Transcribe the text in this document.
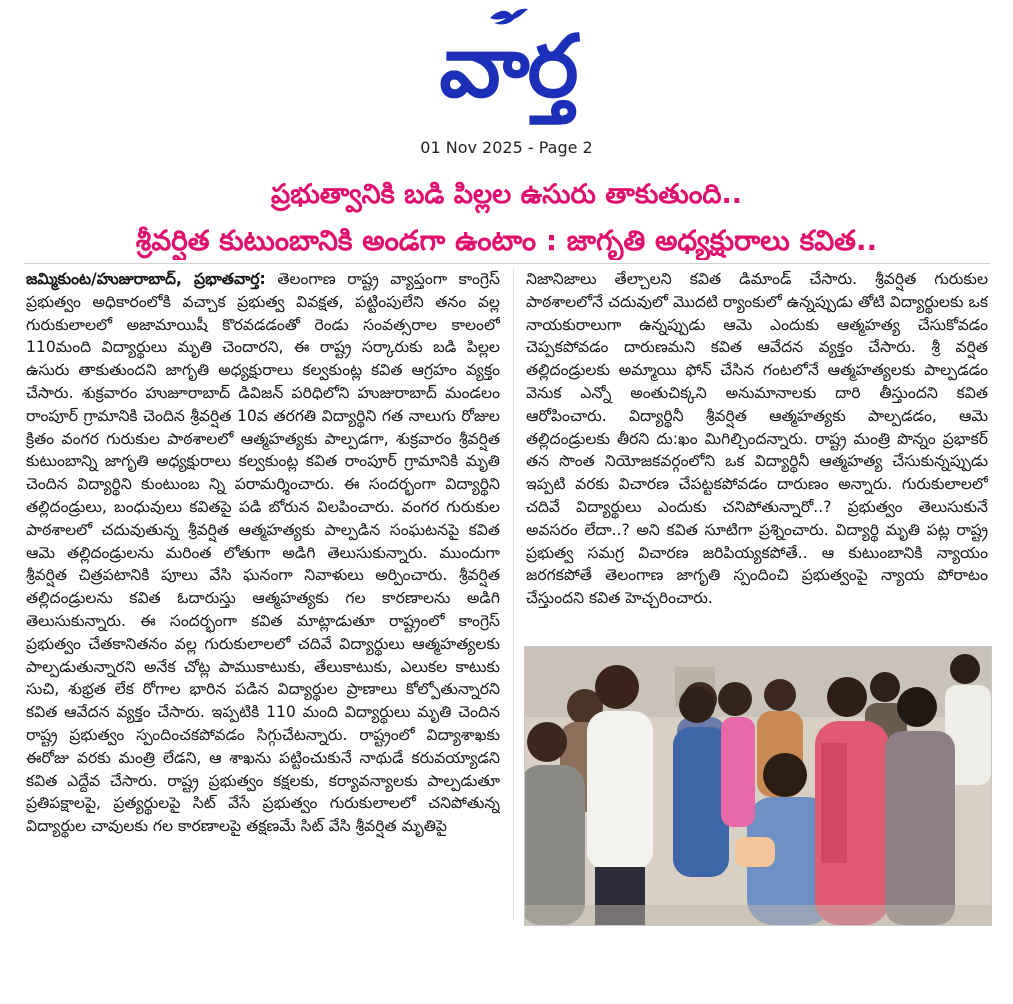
వార్త
01 Nov 2025 - Page 2
ప్రభుత్వానికి బడి పిల్లల ఉసురు తాకుతుంది..
శ్రీవర్షిత కుటుంబానికి అండగా ఉంటాం : జాగృతి అధ్యక్షురాలు కవిత..

జమ్మికుంట/హుజురాబాద్, ప్రభాతవార్త: తెలంగాణ రాష్ట్ర వ్యాప్తంగా కాంగ్రెస్ ప్రభుత్వం అధికారంలోకి వచ్చాక ప్రభుత్వ వివక్షత, పట్టింపులేని తనం వల్ల గురుకులాలలో అజామాయిషీ కొరవడడంతో రెండు సంవత్సరాల కాలంలో 110మంది విద్యార్థులు మృతి చెందారని, ఈ రాష్ట్ర సర్కారుకు బడి పిల్లల ఉసురు తాకుతుందని జాగృతి అధ్యక్షురాలు కల్వకుంట్ల కవిత ఆగ్రహం వ్యక్తం చేసారు. శుక్రవారం హుజూరాబాద్ డివిజన్ పరిధిలోని హుజురాబాద్ మండలం రాంపూర్ గ్రామానికి చెందిన శ్రీవర్షిత 10వ తరగతి విద్యార్థిని గత నాలుగు రోజుల క్రితం వంగర గురుకుల పాఠశాలలో ఆత్మహత్యకు పాల్పడగా, శుక్రవారం శ్రీవర్షిత కుటుంబాన్ని జాగృతి అధ్యక్షురాలు కల్వకుంట్ల కవిత రాంపూర్ గ్రామానికి మృతి చెందిన విద్యార్థిని కుంటుంబ న్ని పరామర్శించారు. ఈ సందర్భంగా విద్యార్థిని తల్లిదండ్రులు, బంధువులు కవితపై పడి బోరున విలపించారు. వంగర గురుకుల పాఠశాలలో చదువుతున్న శ్రీవర్షిత ఆత్మహత్యకు పాల్పడిన సంఘటనపై కవిత ఆమె తల్లిదండ్రులను మరింత లోతుగా అడిగి తెలుసుకున్నారు. ముందుగా శ్రీవర్షిత చిత్రపటానికి పూలు వేసి ఘనంగా నివాళులు అర్పించారు. శ్రీవర్షిత తల్లిదండ్రులను కవిత ఓదారుస్తు ఆత్మహత్యకు గల కారణాలను అడిగి తెలుసుకున్నారు. ఈ సందర్భంగా కవిత మాట్లాడుతూ రాష్ట్రంలో కాంగ్రెస్ ప్రభుత్వం చేతకానితనం వల్ల గురుకులాలలో చదివే విద్యార్థులు ఆత్మహత్యలకు పాల్పడుతున్నారని అనేక చోట్ల పాముకాటుకు, తేలుకాటుకు, ఎలుకల కాటుకు సుచి, శుభ్రత లేక రోగాల భారిన పడిన విద్యార్థుల ప్రాణాలు కోల్పోతున్నారని కవిత ఆవేదన వ్యక్తం చేసారు. ఇప్పటికి 110 మంది విద్యార్థులు మృతి చెందిన రాష్ట్ర ప్రభుత్వం స్పందించకపోవడం సిగ్గుచేటన్నారు. రాష్ట్రంలో విద్యాశాఖకు ఈరోజు వరకు మంత్రి లేడని, ఆ శాఖను పట్టించుకునే నాథుడే కరువయ్యాడని కవిత ఎద్దేవ చేసారు. రాష్ట్ర ప్రభుత్వం కక్షలకు, కర్యావన్యాలకు పాల్పడుతూ ప్రతిపక్షాలపై, ప్రత్యర్థులపై సిట్ వేసే ప్రభుత్వం గురుకులాలలో చనిపోతున్న విద్యార్థుల చావులకు గల కారణాలపై తక్షణమే సిట్ వేసి శ్రీవర్షిత మృతిపై

నిజానిజాలు తేల్చాలని కవిత డిమాండ్ చేసారు. శ్రీవర్షిత గురుకుల పాఠశాలలోనే చదువులో మొదటి ర్యాంకులో ఉన్నప్పుడు తోటి విద్యార్థులకు ఒక నాయకురాలుగా ఉన్నప్పుడు ఆమె ఎందుకు ఆత్మహత్య చేసుకోవడం చెప్పకపోవడం దారుణమని కవిత ఆవేదన వ్యక్తం చేసారు. శ్రీ వర్షిత తల్లిదండ్రులకు అమ్మాయి ఫోన్ చేసిన గంటలోనే ఆత్మహత్యలకు పాల్పడడం వెనుక ఎన్నో అంతుచిక్కని అనుమానాలకు దారి తీస్తుందని కవిత ఆరోపించారు. విద్యార్థినీ శ్రీవర్షిత ఆత్మహత్యకు పాల్పడడం, ఆమె తల్లిదండ్రులకు తీరని దు:ఖం మిగిల్చిందన్నారు. రాష్ట్ర మంత్రి పొన్నం ప్రభాకర్ తన సొంత నియోజకవర్గంలోని ఒక విద్యార్థినీ ఆత్మహత్య చేసుకున్నప్పుడు ఇప్పటి వరకు విచారణ చేపట్టకపోవడం దారుణం అన్నారు. గురుకులాలలో చదివే విద్యార్థులు ఎందుకు చనిపోతున్నారో..? ప్రభుత్వం తెలుసుకునే అవసరం లేదా..? అని కవిత సూటిగా ప్రశ్నించారు. విద్యార్థి మృతి పట్ల రాష్ట్ర ప్రభుత్వ సమగ్ర విచారణ జరిపియ్యకపోతే.. ఆ కుటుంబానికి న్యాయం జరగకపోతే తెలంగాణ జాగృతి స్పందించి ప్రభుత్వంపై న్యాయ పోరాటం చేస్తుందని కవిత హెచ్చరించారు.
